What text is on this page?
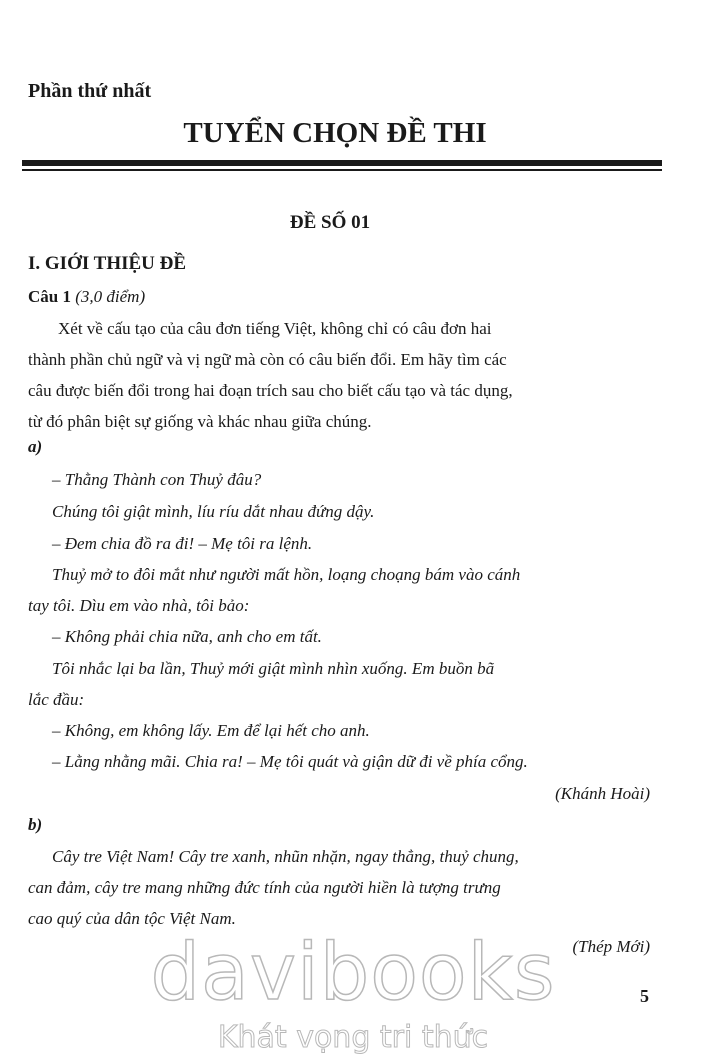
Phần thứ nhất
TUYỂN CHỌN ĐỀ THI
ĐỀ SỐ 01
I. GIỚI THIỆU ĐỀ
Câu 1 (3,0 điểm)
Xét về cấu tạo của câu đơn tiếng Việt, không chỉ có câu đơn hai
thành phần chủ ngữ và vị ngữ mà còn có câu biến đổi. Em hãy tìm các
câu được biến đổi trong hai đoạn trích sau cho biết cấu tạo và tác dụng,
từ đó phân biệt sự giống và khác nhau giữa chúng.
a)
– Thằng Thành con Thuỷ đâu?
Chúng tôi giật mình, líu ríu dắt nhau đứng dậy.
– Đem chia đồ ra đi! – Mẹ tôi ra lệnh.
Thuỷ mở to đôi mắt như người mất hồn, loạng choạng bám vào cánh
tay tôi. Dìu em vào nhà, tôi bảo:
– Không phải chia nữa, anh cho em tất.
Tôi nhắc lại ba lần, Thuỷ mới giật mình nhìn xuống. Em buồn bã
lắc đầu:
– Không, em không lấy. Em để lại hết cho anh.
– Lằng nhằng mãi. Chia ra! – Mẹ tôi quát và giận dữ đi về phía cổng.
(Khánh Hoài)
b)
Cây tre Việt Nam! Cây tre xanh, nhũn nhặn, ngay thẳng, thuỷ chung,
can đảm, cây tre mang những đức tính của người hiền là tượng trưng
cao quý của dân tộc Việt Nam.
(Thép Mới)
davibooks
Khát vọng tri thức
5
